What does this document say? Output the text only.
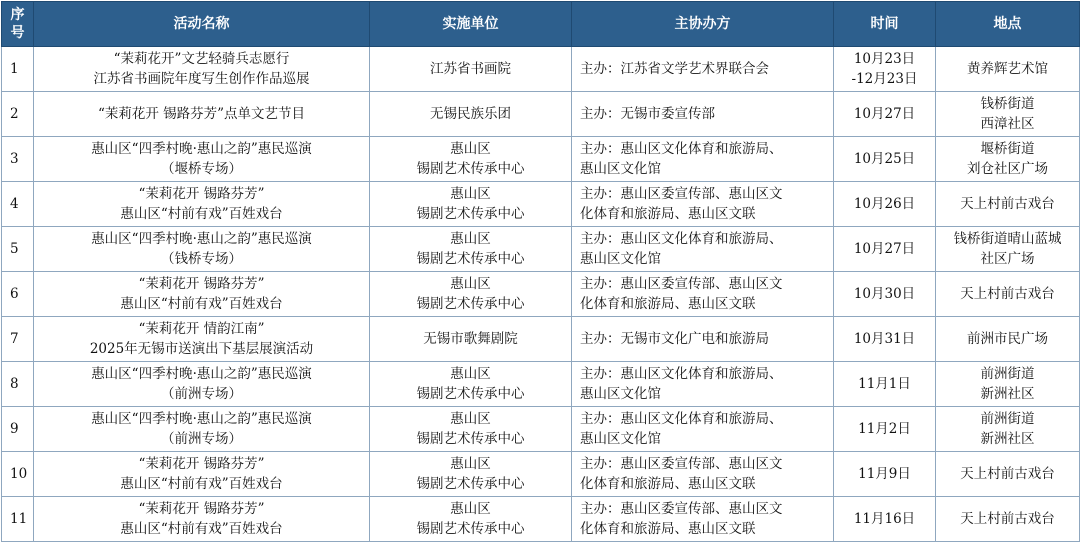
序
号	活动名称	实施单位	主协办方	时间	地点
1	“茉莉花开”文艺轻骑兵志愿行
江苏省书画院年度写生创作作品巡展	江苏省书画院	主办：江苏省文学艺术界联合会	10月23日
-12月23日	黄养辉艺术馆

2	“茉莉花开 锡路芬芳”点单文艺节目	无锡民族乐团	主办：无锡市委宣传部	10月27日	钱桥街道
西漳社区

3	惠山区“四季村晚·惠山之韵”惠民巡演
（堰桥专场）	惠山区
锡剧艺术传承中心	主办：惠山区文化体育和旅游局、
惠山区文化馆	10月25日	堰桥街道
刘仓社区广场

4	“茉莉花开 锡路芬芳”
惠山区“村前有戏”百姓戏台	惠山区
锡剧艺术传承中心	主办：惠山区委宣传部、惠山区文
化体育和旅游局、惠山区文联	10月26日	天上村前古戏台

5	惠山区“四季村晚·惠山之韵”惠民巡演
（钱桥专场）	惠山区
锡剧艺术传承中心	主办：惠山区文化体育和旅游局、
惠山区文化馆	10月27日	钱桥街道晴山蓝城
社区广场

6	“茉莉花开 锡路芬芳”
惠山区“村前有戏”百姓戏台	惠山区
锡剧艺术传承中心	主办：惠山区委宣传部、惠山区文
化体育和旅游局、惠山区文联	10月30日	天上村前古戏台

7	“茉莉花开 情韵江南”
2025年无锡市送演出下基层展演活动	无锡市歌舞剧院	主办：无锡市文化广电和旅游局	10月31日	前洲市民广场

8	惠山区“四季村晚·惠山之韵”惠民巡演
（前洲专场）	惠山区
锡剧艺术传承中心	主办：惠山区文化体育和旅游局、
惠山区文化馆	11月1日	前洲街道
新洲社区

9	惠山区“四季村晚·惠山之韵”惠民巡演
（前洲专场）	惠山区
锡剧艺术传承中心	主办：惠山区文化体育和旅游局、
惠山区文化馆	11月2日	前洲街道
新洲社区

10	“茉莉花开 锡路芬芳”
惠山区“村前有戏”百姓戏台	惠山区
锡剧艺术传承中心	主办：惠山区委宣传部、惠山区文
化体育和旅游局、惠山区文联	11月9日	天上村前古戏台

11	“茉莉花开 锡路芬芳”
惠山区“村前有戏”百姓戏台	惠山区
锡剧艺术传承中心	主办：惠山区委宣传部、惠山区文
化体育和旅游局、惠山区文联	11月16日	天上村前古戏台
